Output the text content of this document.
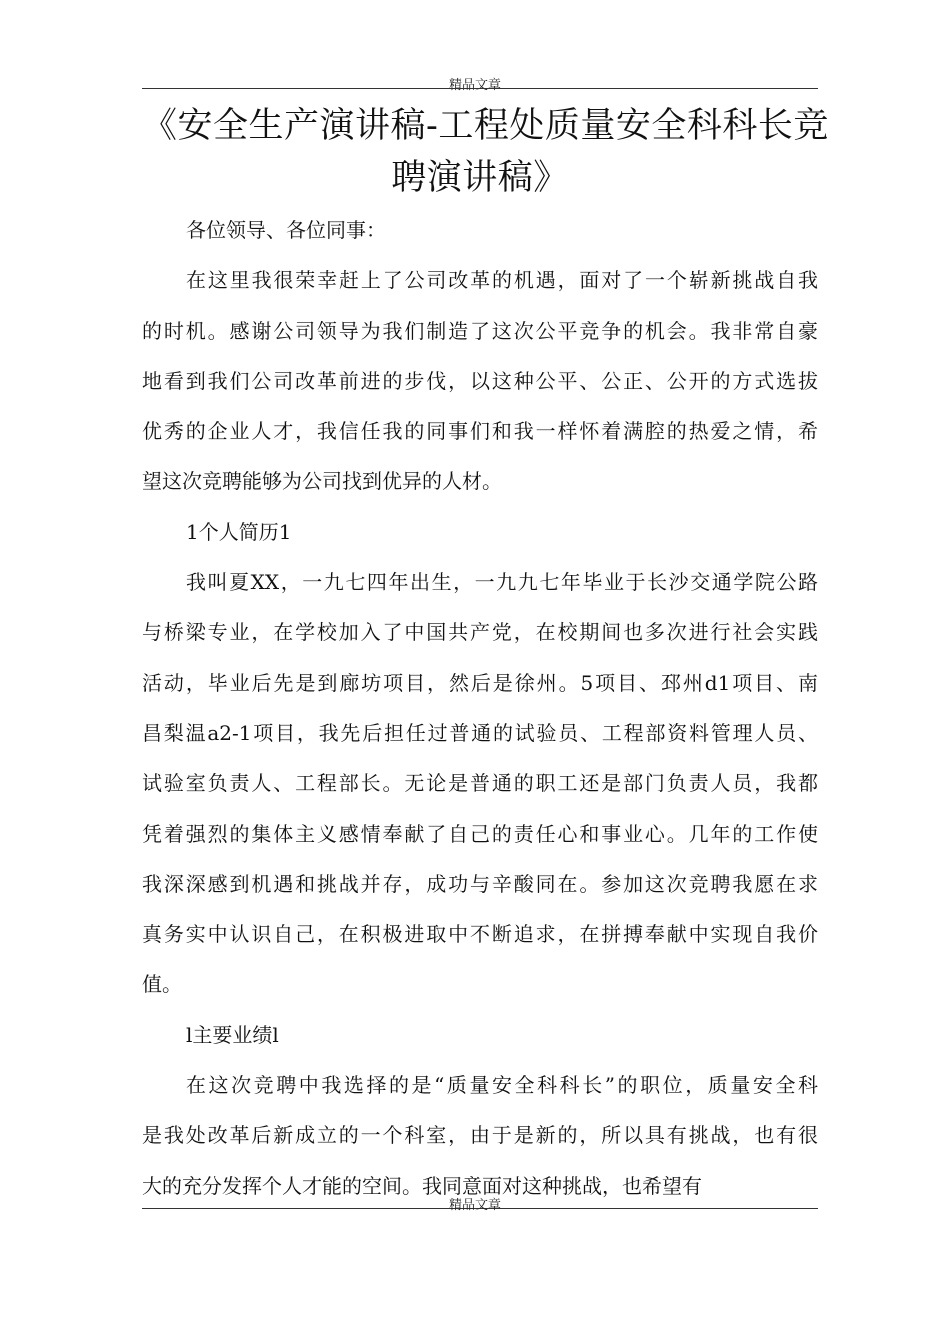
精品文章
《安全生产演讲稿-工程处质量安全科科长竞
聘演讲稿》
各位领导、各位同事：
在这里我很荣幸赶上了公司改革的机遇，面对了一个崭新挑战自我
的时机。感谢公司领导为我们制造了这次公平竞争的机会。我非常自豪
地看到我们公司改革前进的步伐，以这种公平、公正、公开的方式选拔
优秀的企业人才，我信任我的同事们和我一样怀着满腔的热爱之情，希
望这次竞聘能够为公司找到优异的人材。
1个人简历1
我叫夏XX，一九七四年出生，一九九七年毕业于长沙交通学院公路
与桥梁专业，在学校加入了中国共产党，在校期间也多次进行社会实践
活动，毕业后先是到廊坊项目，然后是徐州。5项目、邳州d1项目、南
昌梨温a2-1项目，我先后担任过普通的试验员、工程部资料管理人员、
试验室负责人、工程部长。无论是普通的职工还是部门负责人员，我都
凭着强烈的集体主义感情奉献了自己的责任心和事业心。几年的工作使
我深深感到机遇和挑战并存，成功与辛酸同在。参加这次竞聘我愿在求
真务实中认识自己，在积极进取中不断追求，在拼搏奉献中实现自我价
值。
l主要业绩l
在这次竞聘中我选择的是“质量安全科科长”的职位，质量安全科
是我处改革后新成立的一个科室，由于是新的，所以具有挑战，也有很
大的充分发挥个人才能的空间。我同意面对这种挑战，也希望有
精品文章
